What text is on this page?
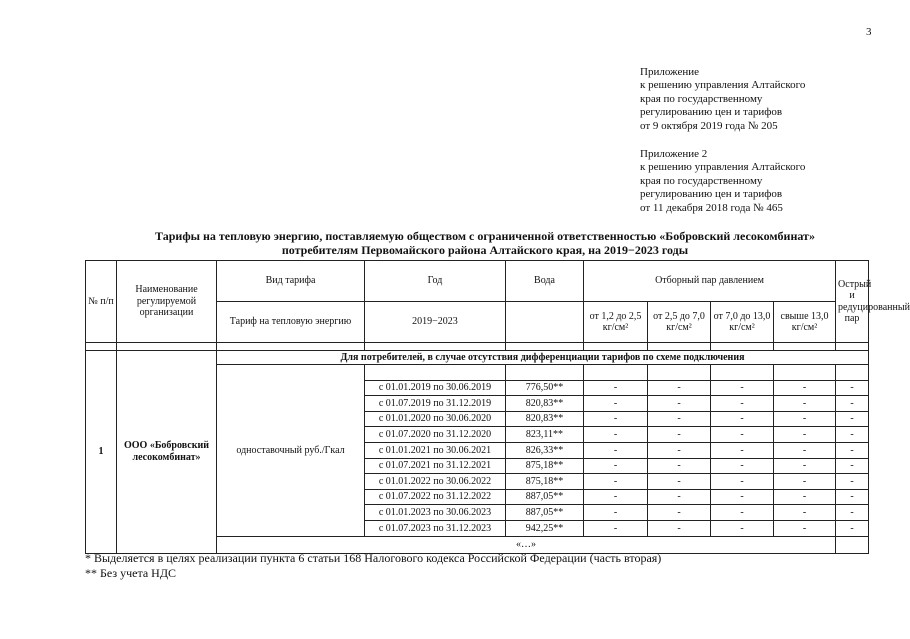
3
Приложение
к решению управления Алтайского
края по государственному
регулированию цен и тарифов
от 9 октября 2019 года № 205
Приложение 2
к решению управления Алтайского
края по государственному
регулированию цен и тарифов
от 11 декабря 2018 года № 465
Тарифы на тепловую энергию, поставляемую обществом с ограниченной ответственностью «Бобровский лесокомбинат»
потребителям Первомайского района Алтайского края, на 2019−2023 годы
№ п/п	Наименование регулируемой организации	Вид тарифа	Год	Вода	Отборный пар давлением				Острый и редуцированный пар
		Тариф на тепловую энергию	2019−2023		от 1,2 до 2,5 кг/см²	от 2,5 до 7,0 кг/см²	от 7,0 до 13,0 кг/см²	свыше 13,0 кг/см²	

1	ООО «Бобровский лесокомбинат»	Для потребителей, в случае отсутствия дифференциации тарифов по схеме подключения							
		одноставочный руб./Гкал							
			с 01.01.2019 по 30.06.2019	776,50**	-	-	-	-	-
			с 01.07.2019 по 31.12.2019	820,83**	-	-	-	-	-
			с 01.01.2020 по 30.06.2020	820,83**	-	-	-	-	-
			с 01.07.2020 по 31.12.2020	823,11**	-	-	-	-	-
			с 01.01.2021 по 30.06.2021	826,33**	-	-	-	-	-
			с 01.07.2021 по 31.12.2021	875,18**	-	-	-	-	-
			с 01.01.2022 по 30.06.2022	875,18**	-	-	-	-	-
			с 01.07.2022 по 31.12.2022	887,05**	-	-	-	-	-
			с 01.01.2023 по 30.06.2023	887,05**	-	-	-	-	-
			с 01.07.2023 по 31.12.2023	942,25**	-	-	-	-	-
		«…»							
* Выделяется в целях реализации пункта 6 статьи 168 Налогового кодекса Российской Федерации (часть вторая)
** Без учета НДС
